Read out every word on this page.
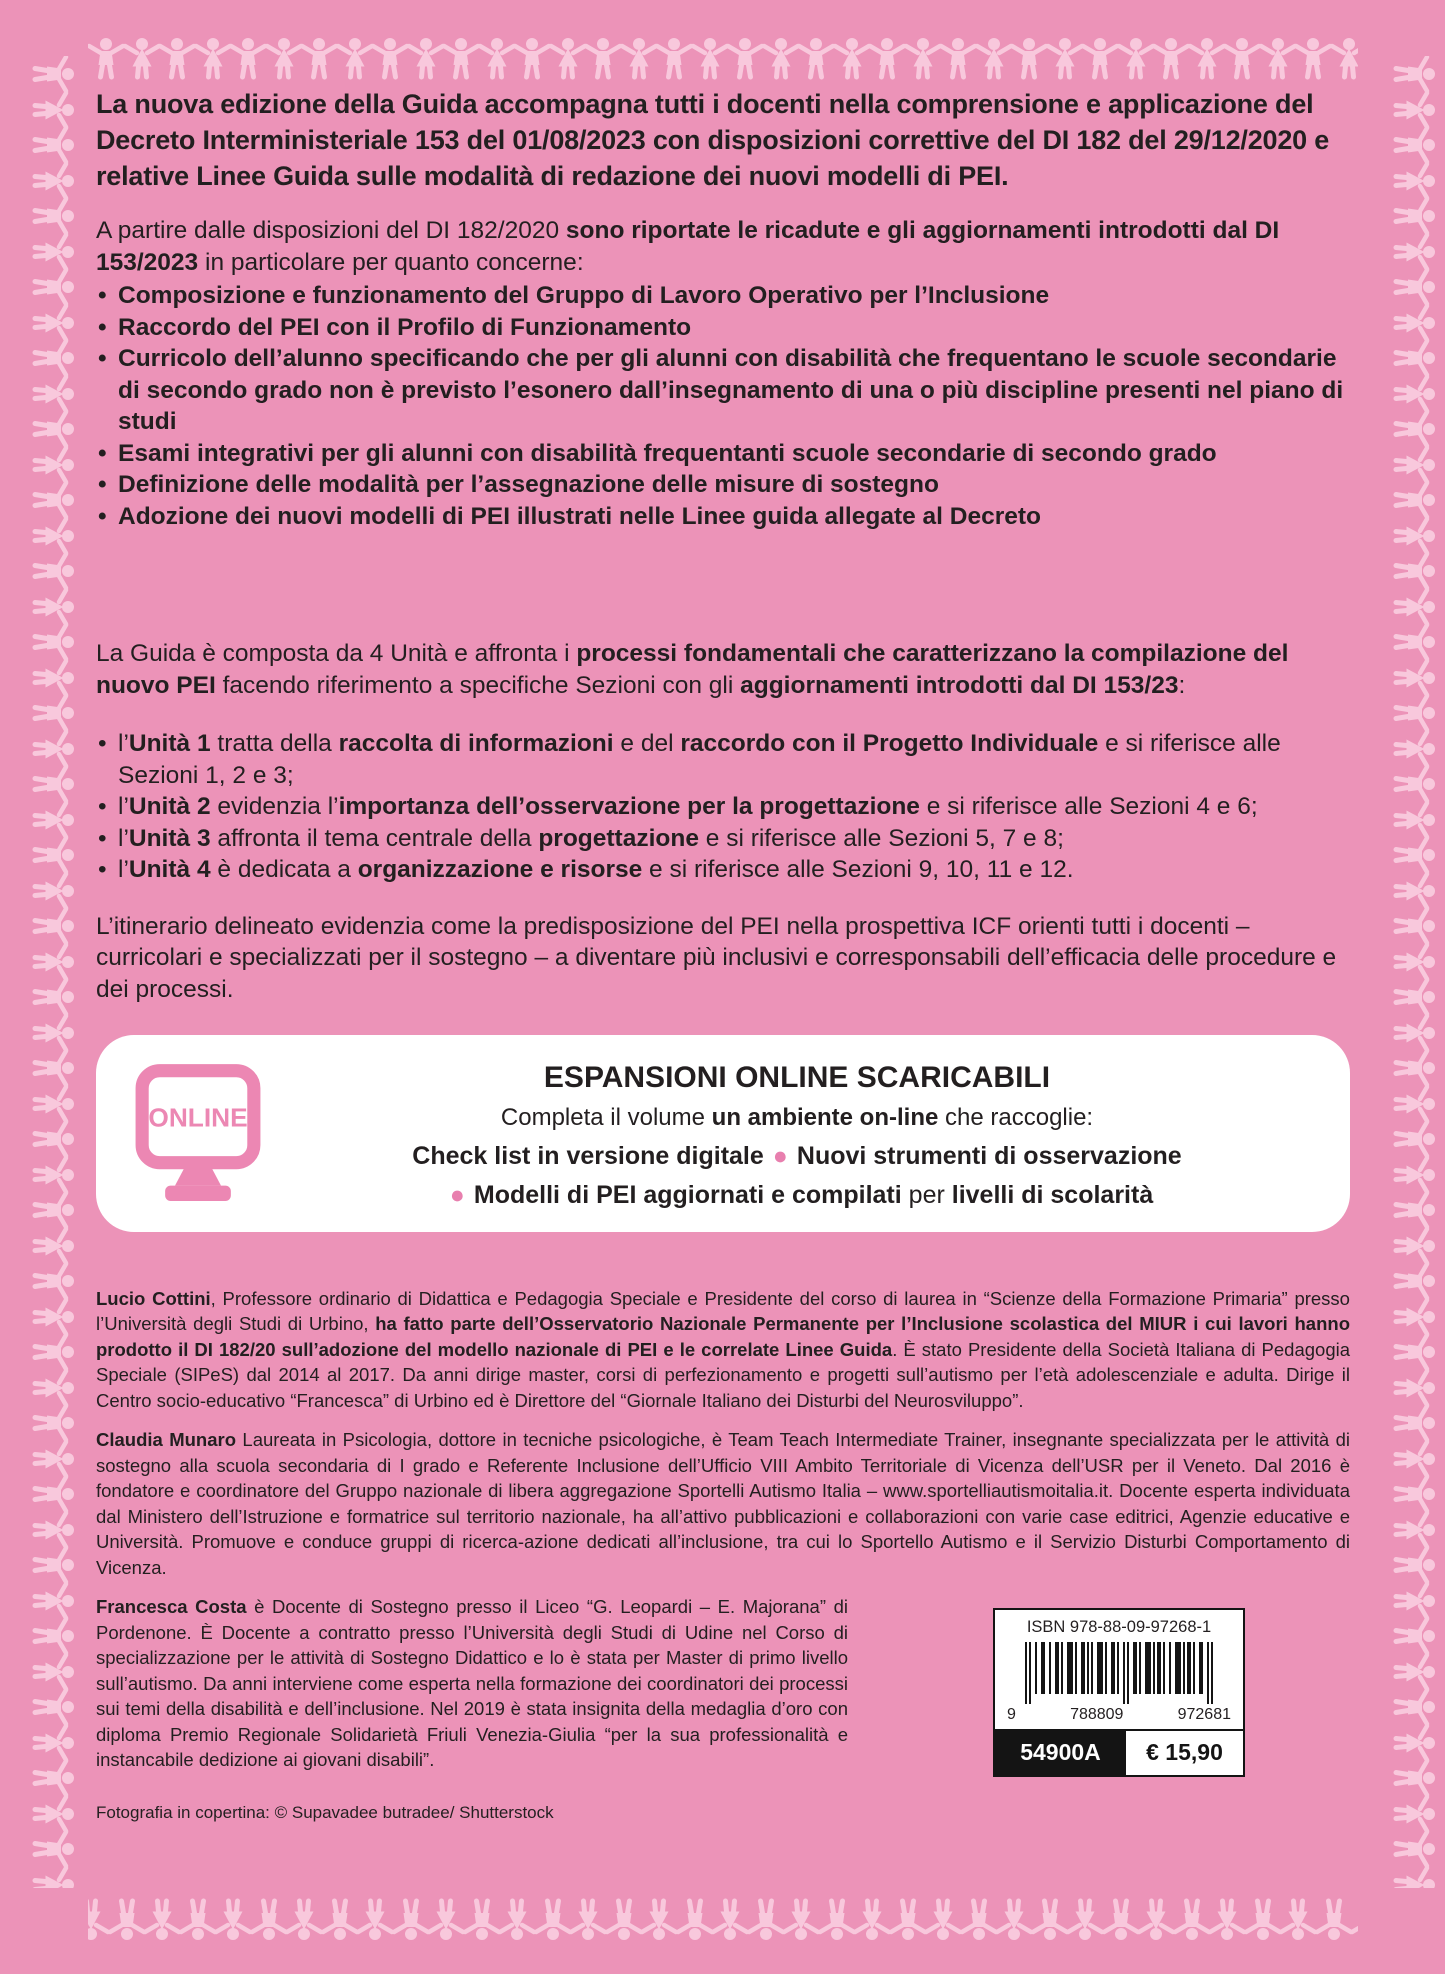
La nuova edizione della Guida accompagna tutti i docenti nella comprensione e applicazione del Decreto Interministeriale 153 del 01/08/2023 con disposizioni correttive del DI 182 del 29/12/2020 e relative Linee Guida sulle modalità di redazione dei nuovi modelli di PEI.

A partire dalle disposizioni del DI 182/2020 sono riportate le ricadute e gli aggiornamenti introdotti dal DI 153/2023 in particolare per quanto concerne:

• Composizione e funzionamento del Gruppo di Lavoro Operativo per l’Inclusione
• Raccordo del PEI con il Profilo di Funzionamento
• Curricolo dell’alunno specificando che per gli alunni con disabilità che frequentano le scuole secondarie di secondo grado non è previsto l’esonero dall’insegnamento di una o più discipline presenti nel piano di studi
• Esami integrativi per gli alunni con disabilità frequentanti scuole secondarie di secondo grado
• Definizione delle modalità per l’assegnazione delle misure di sostegno
• Adozione dei nuovi modelli di PEI illustrati nelle Linee guida allegate al Decreto

La Guida è composta da 4 Unità e affronta i processi fondamentali che caratterizzano la compilazione del nuovo PEI facendo riferimento a specifiche Sezioni con gli aggiornamenti introdotti dal DI 153/23:

• l’Unità 1 tratta della raccolta di informazioni e del raccordo con il Progetto Individuale e si riferisce alle Sezioni 1, 2 e 3;
• l’Unità 2 evidenzia l’importanza dell’osservazione per la progettazione e si riferisce alle Sezioni 4 e 6;
• l’Unità 3 affronta il tema centrale della progettazione e si riferisce alle Sezioni 5, 7 e 8;
• l’Unità 4 è dedicata a organizzazione e risorse e si riferisce alle Sezioni 9, 10, 11 e 12.

L’itinerario delineato evidenzia come la predisposizione del PEI nella prospettiva ICF orienti tutti i docenti – curricolari e specializzati per il sostegno – a diventare più inclusivi e corresponsabili dell’efficacia delle procedure e dei processi.

ONLINE
ESPANSIONI ONLINE SCARICABILI
Completa il volume un ambiente on-line che raccoglie:
Check list in versione digitale ● Nuovi strumenti di osservazione
● Modelli di PEI aggiornati e compilati per livelli di scolarità

Lucio Cottini, Professore ordinario di Didattica e Pedagogia Speciale e Presidente del corso di laurea in “Scienze della Formazione Primaria” presso l’Università degli Studi di Urbino, ha fatto parte dell’Osservatorio Nazionale Permanente per l’Inclusione scolastica del MIUR i cui lavori hanno prodotto il DI 182/20 sull’adozione del modello nazionale di PEI e le correlate Linee Guida. È stato Presidente della Società Italiana di Pedagogia Speciale (SIPeS) dal 2014 al 2017. Da anni dirige master, corsi di perfezionamento e progetti sull’autismo per l’età adolescenziale e adulta. Dirige il Centro socio-educativo “Francesca” di Urbino ed è Direttore del “Giornale Italiano dei Disturbi del Neurosviluppo”.

Claudia Munaro Laureata in Psicologia, dottore in tecniche psicologiche, è Team Teach Intermediate Trainer, insegnante specializzata per le attività di sostegno alla scuola secondaria di I grado e Referente Inclusione dell’Ufficio VIII Ambito Territoriale di Vicenza dell’USR per il Veneto. Dal 2016 è fondatore e coordinatore del Gruppo nazionale di libera aggregazione Sportelli Autismo Italia – www.sportelliautismoitalia.it. Docente esperta individuata dal Ministero dell’Istruzione e formatrice sul territorio nazionale, ha all’attivo pubblicazioni e collaborazioni con varie case editrici, Agenzie educative e Università. Promuove e conduce gruppi di ricerca-azione dedicati all’inclusione, tra cui lo Sportello Autismo e il Servizio Disturbi Comportamento di Vicenza.

Francesca Costa è Docente di Sostegno presso il Liceo “G. Leopardi – E. Majorana” di Pordenone. È Docente a contratto presso l’Università degli Studi di Udine nel Corso di specializzazione per le attività di Sostegno Didattico e lo è stata per Master di primo livello sull’autismo. Da anni interviene come esperta nella formazione dei coordinatori dei processi sui temi della disabilità e dell’inclusione. Nel 2019 è stata insignita della medaglia d’oro con diploma Premio Regionale Solidarietà Friuli Venezia-Giulia “per la sua professionalità e instancabile dedizione ai giovani disabili”.

ISBN 978-88-09-97268-1
9	788809	972681
54900A	€ 15,90

Fotografia in copertina: © Supavadee butradee/ Shutterstock
